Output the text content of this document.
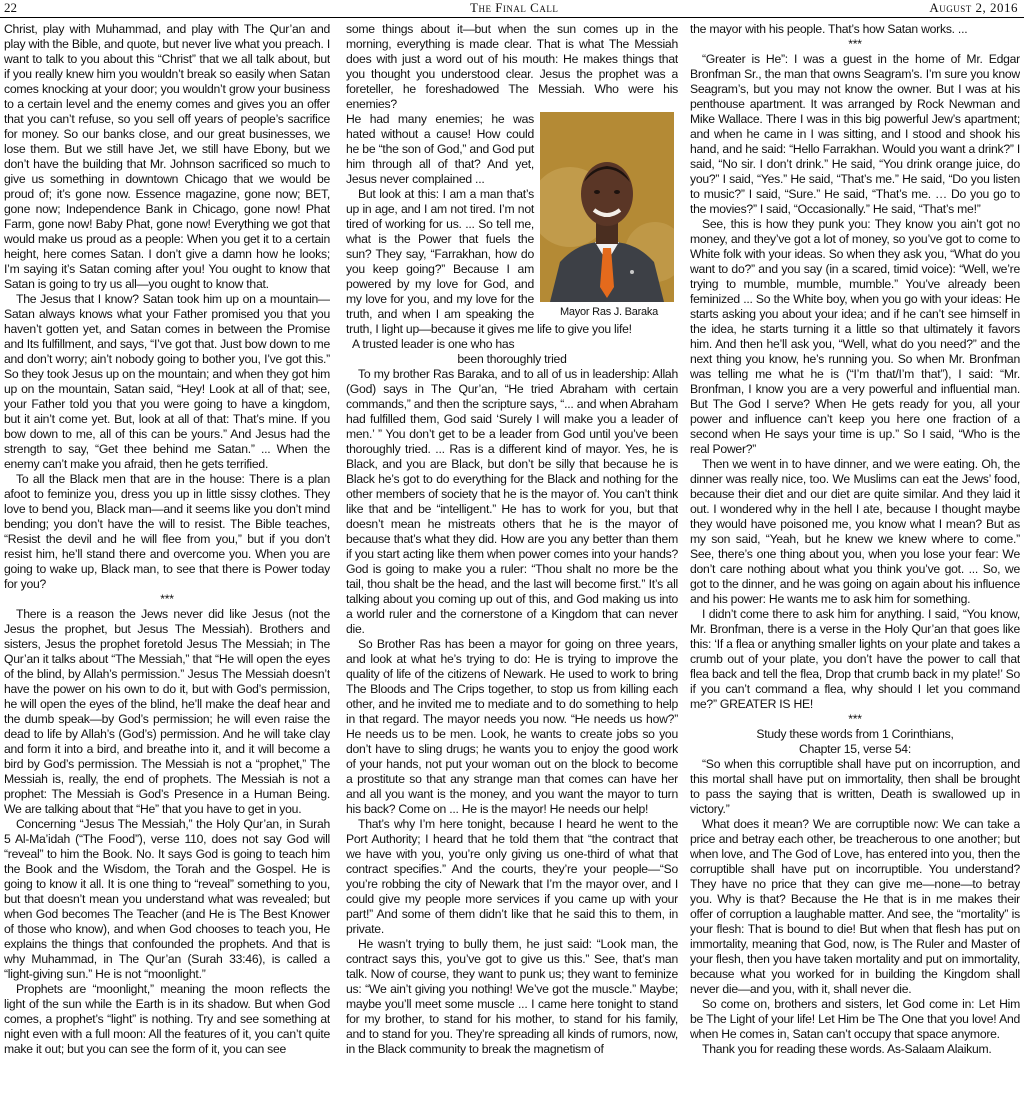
22	The Final Call	August 2, 2016

Christ, play with Muhammad, and play with The Qur’an and play with the Bible, and quote, but never live what you preach. I want to talk to you about this “Christ” that we all talk about, but if you really knew him you wouldn’t break so easily when Satan comes knocking at your door; you wouldn’t grow your business to a certain level and the enemy comes and gives you an offer that you can’t refuse, so you sell off years of people’s sacrifice for money. So our banks close, and our great businesses, we lose them. But we still have Jet, we still have Ebony, but we don’t have the building that Mr. Johnson sacrificed so much to give us something in downtown Chicago that we would be proud of; it’s gone now. Essence magazine, gone now; BET, gone now; Independence Bank in Chicago, gone now! Phat Farm, gone now! Baby Phat, gone now! Everything we got that would make us proud as a people: When you get it to a certain height, here comes Satan. I don’t give a damn how he looks; I’m saying it’s Satan coming after you! You ought to know that Satan is going to try us all—you ought to know that.

The Jesus that I know? Satan took him up on a mountain—Satan always knows what your Father promised you that you haven’t gotten yet, and Satan comes in between the Promise and Its fulfillment, and says, “I’ve got that. Just bow down to me and don’t worry; ain’t nobody going to bother you, I’ve got this.” So they took Jesus up on the mountain; and when they got him up on the mountain, Satan said, “Hey! Look at all of that; see, your Father told you that you were going to have a kingdom, but it ain’t come yet. But, look at all of that: That’s mine. If you bow down to me, all of this can be yours.” And Jesus had the strength to say, “Get thee behind me Satan.” ... When the enemy can’t make you afraid, then he gets terrified.

To all the Black men that are in the house: There is a plan afoot to feminize you, dress you up in little sissy clothes. They love to bend you, Black man—and it seems like you don’t mind bending; you don’t have the will to resist. The Bible teaches, “Resist the devil and he will flee from you,” but if you don’t resist him, he’ll stand there and overcome you. When you are going to wake up, Black man, to see that there is Power today for you?

***

There is a reason the Jews never did like Jesus (not the Jesus the prophet, but Jesus The Messiah). Brothers and sisters, Jesus the prophet foretold Jesus The Messiah; in The Qur’an it talks about “The Messiah,” that “He will open the eyes of the blind, by Allah’s permission.” Jesus The Messiah doesn’t have the power on his own to do it, but with God’s permission, he will open the eyes of the blind, he’ll make the deaf hear and the dumb speak—by God’s permission; he will even raise the dead to life by Allah’s (God’s) permission. And he will take clay and form it into a bird, and breathe into it, and it will become a bird by God’s permission. The Messiah is not a “prophet,” The Messiah is, really, the end of prophets. The Messiah is not a prophet: The Messiah is God’s Presence in a Human Being. We are talking about that “He” that you have to get in you.

Concerning “Jesus The Messiah,” the Holy Qur’an, in Surah 5 Al-Ma’idah (“The Food”), verse 110, does not say God will “reveal” to him the Book. No. It says God is going to teach him the Book and the Wisdom, the Torah and the Gospel. He is going to know it all. It is one thing to “reveal” something to you, but that doesn’t mean you understand what was revealed; but when God becomes The Teacher (and He is The Best Knower of those who know), and when God chooses to teach you, He explains the things that confounded the prophets. And that is why Muhammad, in The Qur’an (Surah 33:46), is called a “light-giving sun.” He is not “moonlight.”

Prophets are “moonlight,” meaning the moon reflects the light of the sun while the Earth is in its shadow. But when God comes, a prophet’s “light” is nothing. Try and see something at night even with a full moon: All the features of it, you can’t quite make it out; but you can see the form of it, you can see

some things about it—but when the sun comes up in the morning, everything is made clear. That is what The Messiah does with just a word out of his mouth: He makes things that you thought you understood clear. Jesus the prophet was a foreteller, he foreshadowed The Messiah. Who were his enemies?

Mayor Ras J. Baraka

He had many enemies; he was hated without a cause! How could he be “the son of God,” and God put him through all of that? And yet, Jesus never complained ...

But look at this: I am a man that’s up in age, and I am not tired. I’m not tired of working for us. ... So tell me, what is the Power that fuels the sun? They say, “Farrakhan, how do you keep going?” Because I am powered by my love for God, and my love for you, and my love for the truth, and when I am speaking the truth, I light up—because it gives me life to give you life!

A trusted leader is one who has

been thoroughly tried

To my brother Ras Baraka, and to all of us in leadership: Allah (God) says in The Qur’an, “He tried Abraham with certain commands,” and then the scripture says, “... and when Abraham had fulfilled them, God said ‘Surely I will make you a leader of men.’ ” You don’t get to be a leader from God until you’ve been thoroughly tried. ... Ras is a different kind of mayor. Yes, he is Black, and you are Black, but don’t be silly that because he is Black he’s got to do everything for the Black and nothing for the other members of society that he is the mayor of. You can’t think like that and be “intelligent.” He has to work for you, but that doesn’t mean he mistreats others that he is the mayor of because that’s what they did. How are you any better than them if you start acting like them when power comes into your hands? God is going to make you a ruler: “Thou shalt no more be the tail, thou shalt be the head, and the last will become first.” It’s all talking about you coming up out of this, and God making us into a world ruler and the cornerstone of a Kingdom that can never die.

So Brother Ras has been a mayor for going on three years, and look at what he’s trying to do: He is trying to improve the quality of life of the citizens of Newark. He used to work to bring The Bloods and The Crips together, to stop us from killing each other, and he invited me to mediate and to do something to help in that regard. The mayor needs you now. “He needs us how?” He needs us to be men. Look, he wants to create jobs so you don’t have to sling drugs; he wants you to enjoy the good work of your hands, not put your woman out on the block to become a prostitute so that any strange man that comes can have her and all you want is the money, and you want the mayor to turn his back? Come on ... He is the mayor! He needs our help!

That’s why I’m here tonight, because I heard he went to the Port Authority; I heard that he told them that “the contract that we have with you, you’re only giving us one-third of what that contract specifies.” And the courts, they’re your people—“So you’re robbing the city of Newark that I’m the mayor over, and I could give my people more services if you came up with your part!” And some of them didn’t like that he said this to them, in private.

He wasn’t trying to bully them, he just said: “Look man, the contract says this, you’ve got to give us this.” See, that’s man talk. Now of course, they want to punk us; they want to feminize us: “We ain’t giving you nothing! We’ve got the muscle.” Maybe; maybe you’ll meet some muscle ... I came here tonight to stand for my brother, to stand for his mother, to stand for his family, and to stand for you. They’re spreading all kinds of rumors, now, in the Black community to break the magnetism of

the mayor with his people. That’s how Satan works. ...

***

“Greater is He”: I was a guest in the home of Mr. Edgar Bronfman Sr., the man that owns Seagram’s. I’m sure you know Seagram’s, but you may not know the owner. But I was at his penthouse apartment. It was arranged by Rock Newman and Mike Wallace. There I was in this big powerful Jew’s apartment; and when he came in I was sitting, and I stood and shook his hand, and he said: “Hello Farrakhan. Would you want a drink?” I said, “No sir. I don’t drink.” He said, “You drink orange juice, do you?” I said, “Yes.” He said, “That’s me.” He said, “Do you listen to music?” I said, “Sure.” He said, “That’s me. … Do you go to the movies?” I said, “Occasionally.” He said, “That’s me!”

See, this is how they punk you: They know you ain’t got no money, and they’ve got a lot of money, so you’ve got to come to White folk with your ideas. So when they ask you, “What do you want to do?” and you say (in a scared, timid voice): “Well, we’re trying to mumble, mumble, mumble.” You’ve already been feminized ... So the White boy, when you go with your ideas: He starts asking you about your idea; and if he can’t see himself in the idea, he starts turning it a little so that ultimately it favors him. And then he’ll ask you, “Well, what do you need?” and the next thing you know, he’s running you. So when Mr. Bronfman was telling me what he is (“I’m that/I’m that”), I said: “Mr. Bronfman, I know you are a very powerful and influential man. But The God I serve? When He gets ready for you, all your power and influence can’t keep you here one fraction of a second when He says your time is up.” So I said, “Who is the real Power?”

Then we went in to have dinner, and we were eating. Oh, the dinner was really nice, too. We Muslims can eat the Jews’ food, because their diet and our diet are quite similar. And they laid it out. I wondered why in the hell I ate, because I thought maybe they would have poisoned me, you know what I mean? But as my son said, “Yeah, but he knew we knew where to come.” See, there’s one thing about you, when you lose your fear: We don’t care nothing about what you think you’ve got. ... So, we got to the dinner, and he was going on again about his influence and his power: He wants me to ask him for something.

I didn’t come there to ask him for anything. I said, “You know, Mr. Bronfman, there is a verse in the Holy Qur’an that goes like this: ‘If a flea or anything smaller lights on your plate and takes a crumb out of your plate, you don’t have the power to call that flea back and tell the flea, Drop that crumb back in my plate!’ So if you can’t command a flea, why should I let you command me?” GREATER IS HE!

***

Study these words from 1 Corinthians,

Chapter 15, verse 54:

“So when this corruptible shall have put on incorruption, and this mortal shall have put on immortality, then shall be brought to pass the saying that is written, Death is swallowed up in victory.”

What does it mean? We are corruptible now: We can take a price and betray each other, be treacherous to one another; but when love, and The God of Love, has entered into you, then the corruptible shall have put on incorruptible. You understand? They have no price that they can give me—none—to betray you. Why is that? Because the He that is in me makes their offer of corruption a laughable matter. And see, the “mortality” is your flesh: That is bound to die! But when that flesh has put on immortality, meaning that God, now, is The Ruler and Master of your flesh, then you have taken mortality and put on immortality, because what you worked for in building the Kingdom shall never die—and you, with it, shall never die.

So come on, brothers and sisters, let God come in: Let Him be The Light of your life! Let Him be The One that you love! And when He comes in, Satan can’t occupy that space anymore.

Thank you for reading these words. As-Salaam Alaikum.
